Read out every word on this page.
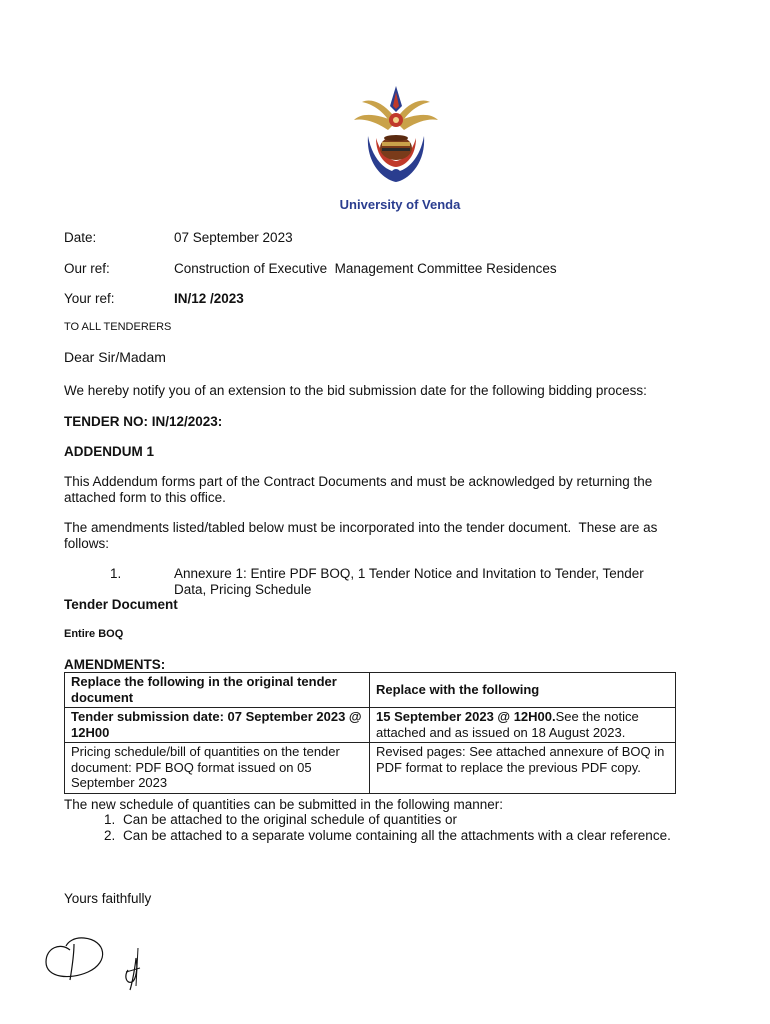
University of Venda
Date:	07 September 2023
Our ref:	Construction of Executive  Management Committee Residences
Your ref:	IN/12 /2023
TO ALL TENDERERS
Dear Sir/Madam
We hereby notify you of an extension to the bid submission date for the following bidding process:
TENDER NO: IN/12/2023:
ADDENDUM 1
This Addendum forms part of the Contract Documents and must be acknowledged by returning the
attached form to this office.
The amendments listed/tabled below must be incorporated into the tender document.  These are as
follows:
1.	Annexure 1: Entire PDF BOQ, 1 Tender Notice and Invitation to Tender, Tender
Data, Pricing Schedule
Tender Document
Entire BOQ
AMENDMENTS:
Replace the following in the original tender document	Replace with the following
Tender submission date: 07 September 2023 @ 12H00	15 September 2023 @ 12H00.See the notice attached and as issued on 18 August 2023.
Pricing schedule/bill of quantities on the tender document: PDF BOQ format issued on 05 September 2023	Revised pages: See attached annexure of BOQ in PDF format to replace the previous PDF copy.
The new schedule of quantities can be submitted in the following manner:
1. Can be attached to the original schedule of quantities or
2. Can be attached to a separate volume containing all the attachments with a clear reference.
Yours faithfully
